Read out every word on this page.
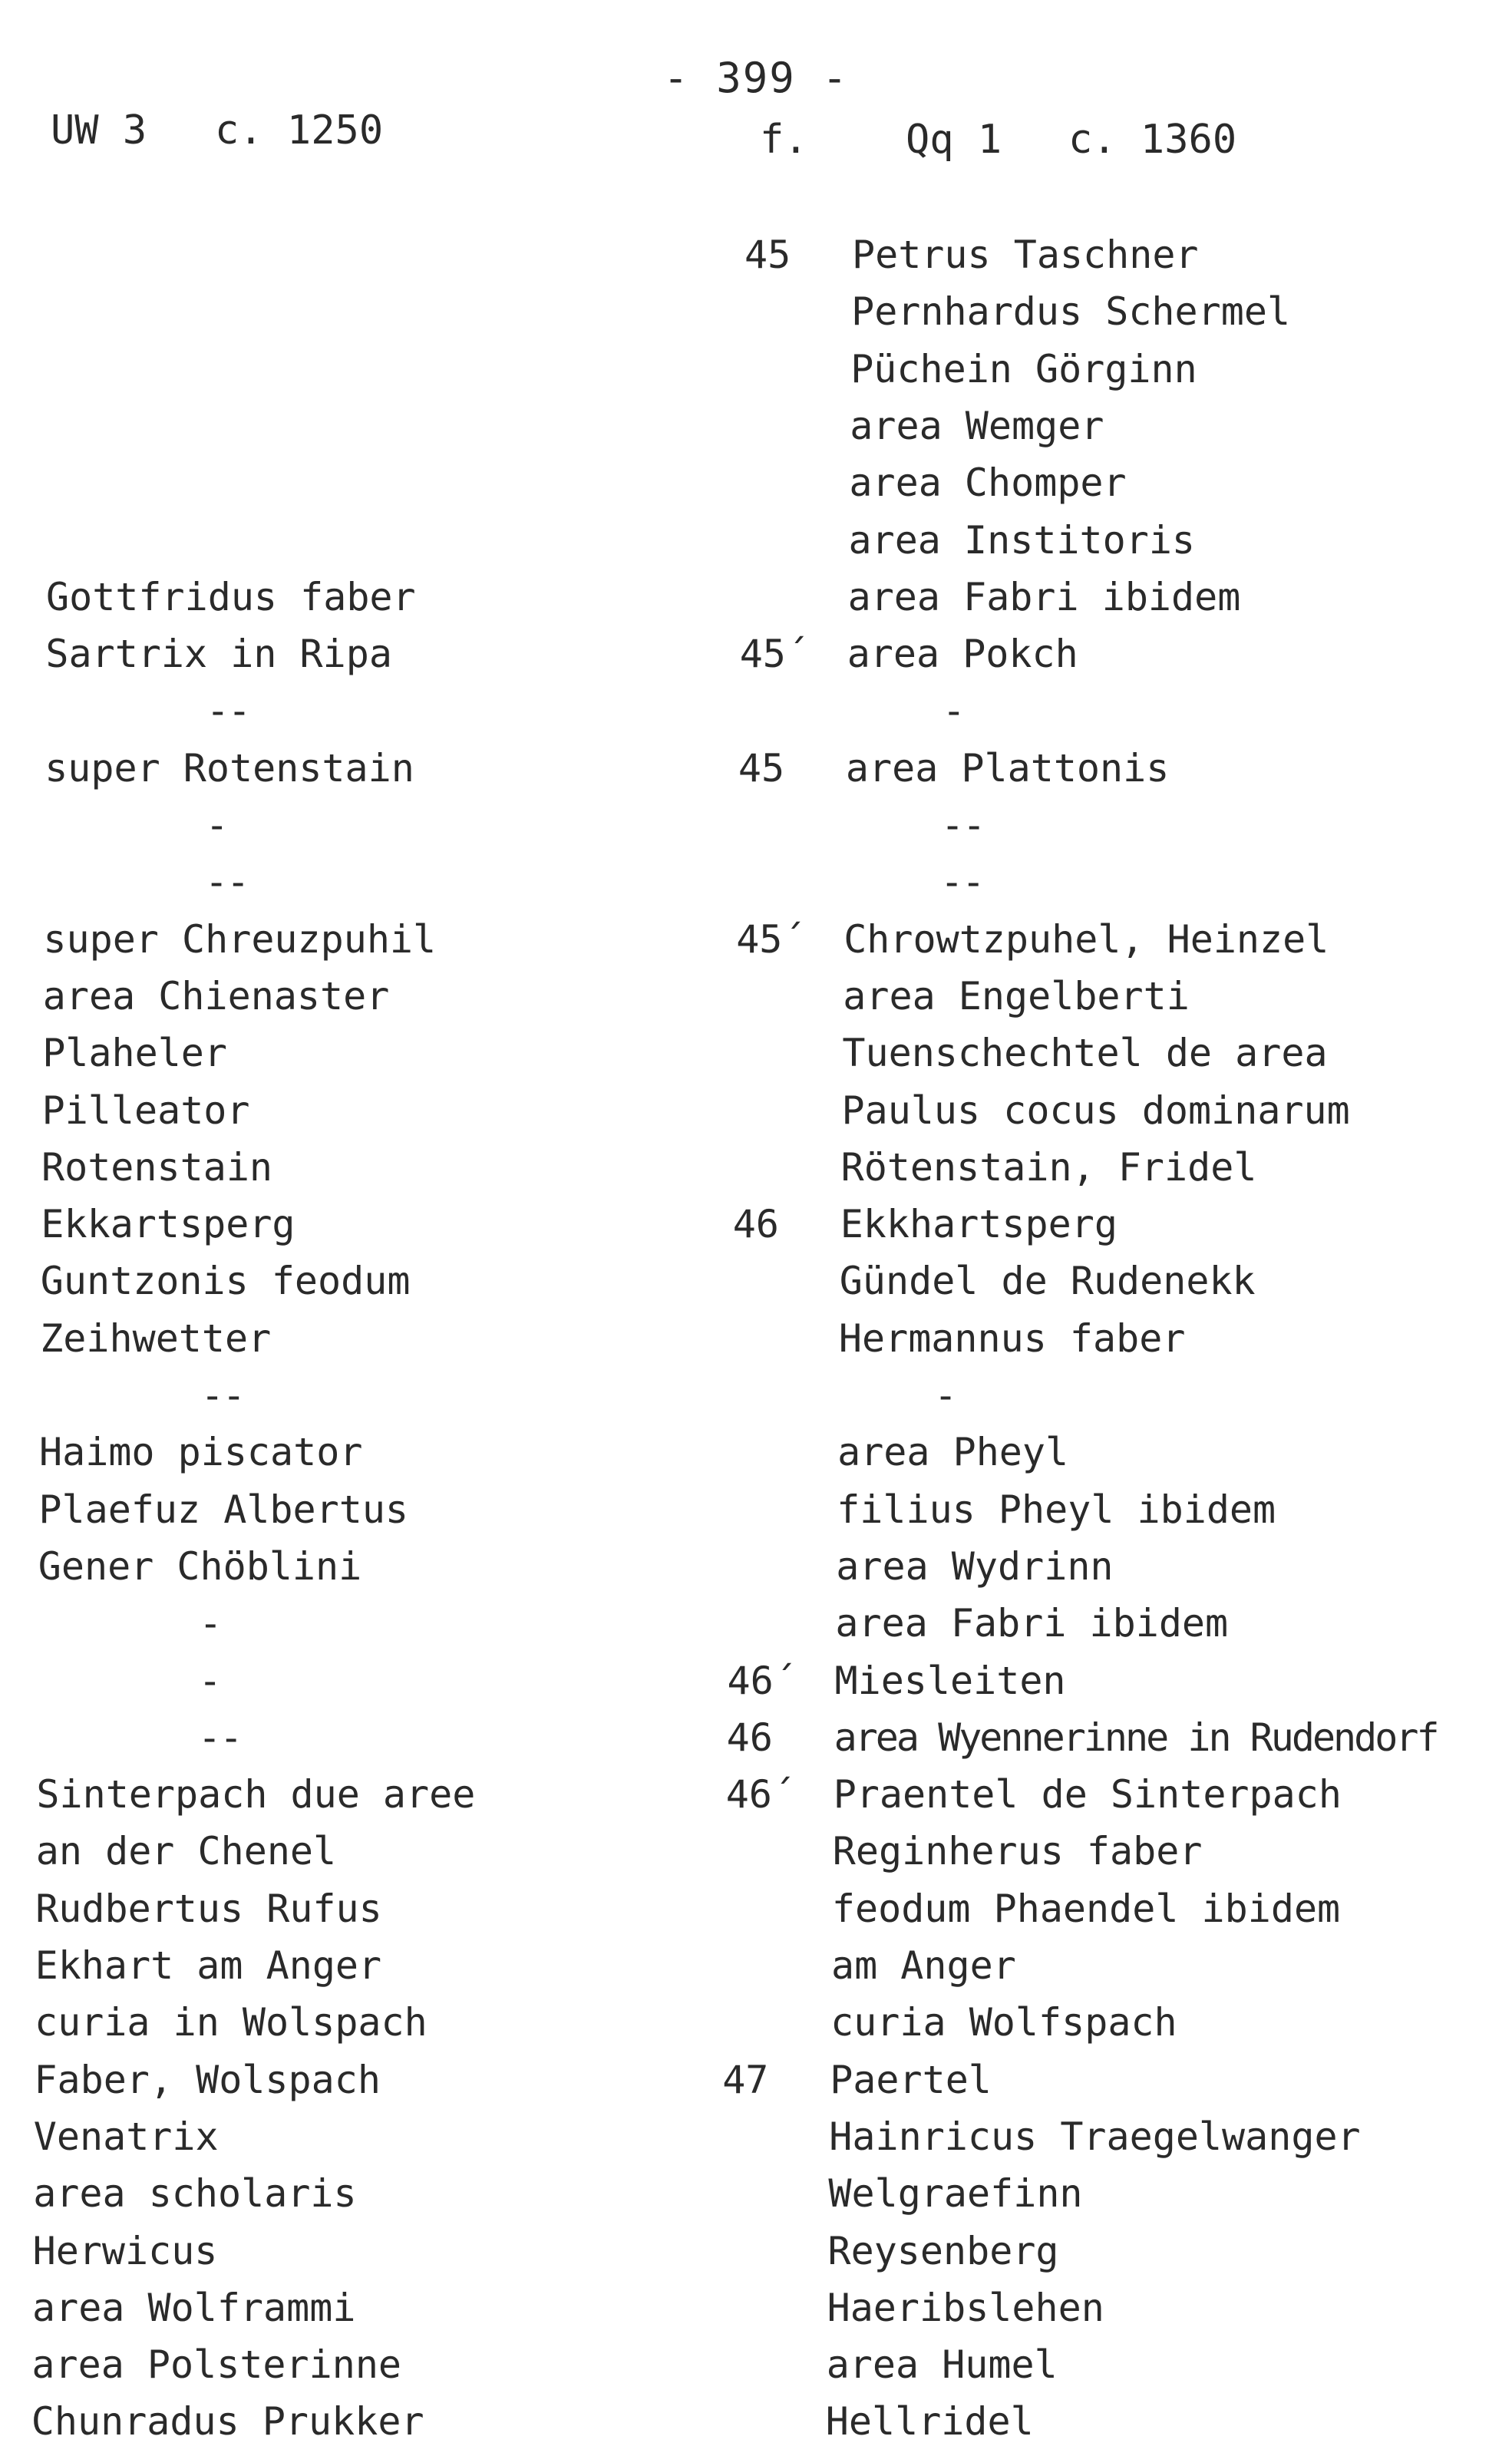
- 399 -
UW 3 c. 1250	f. Qq 1 c. 1360
Gottfridus faber
Sartrix in Ripa
--
super Rotenstain
-
--
super Chreuzpuhil
area Chienaster
Plaheler
Pilleator
Rotenstain
Ekkartsperg
Guntzonis feodum
Zeihwetter
--
Haimo piscator
Plaefuz Albertus
Gener Chöblini
-
-
--
Sinterpach due aree
an der Chenel
Rudbertus Rufus
Ekhart am Anger
curia in Wolspach
Faber, Wolspach
Venatrix
area scholaris
Herwicus
area Wolframmi
area Polsterinne
Chunradus Prukker
45 Petrus Taschner
Pernhardus Schermel
Püchein Görginn
area Wemger
area Chomper
area Institoris
area Fabri ibidem
45´ area Pokch
-
45 area Plattonis
--
--
45´ Chrowtzpuhel, Heinzel
area Engelberti
Tuenschechtel de area
Paulus cocus dominarum
Rötenstain, Fridel
46 Ekkhartsperg
Gündel de Rudenekk
Hermannus faber
-
area Pheyl
filius Pheyl ibidem
area Wydrinn
area Fabri ibidem
46´ Miesleiten
46 area Wyennerinne in Rudendorf
46´ Praentel de Sinterpach
Reginherus faber
feodum Phaendel ibidem
am Anger
curia Wolfspach
47 Paertel
Hainricus Traegelwanger
Welgraefinn
Reysenberg
Haeribslehen
area Humel
Hellridel
